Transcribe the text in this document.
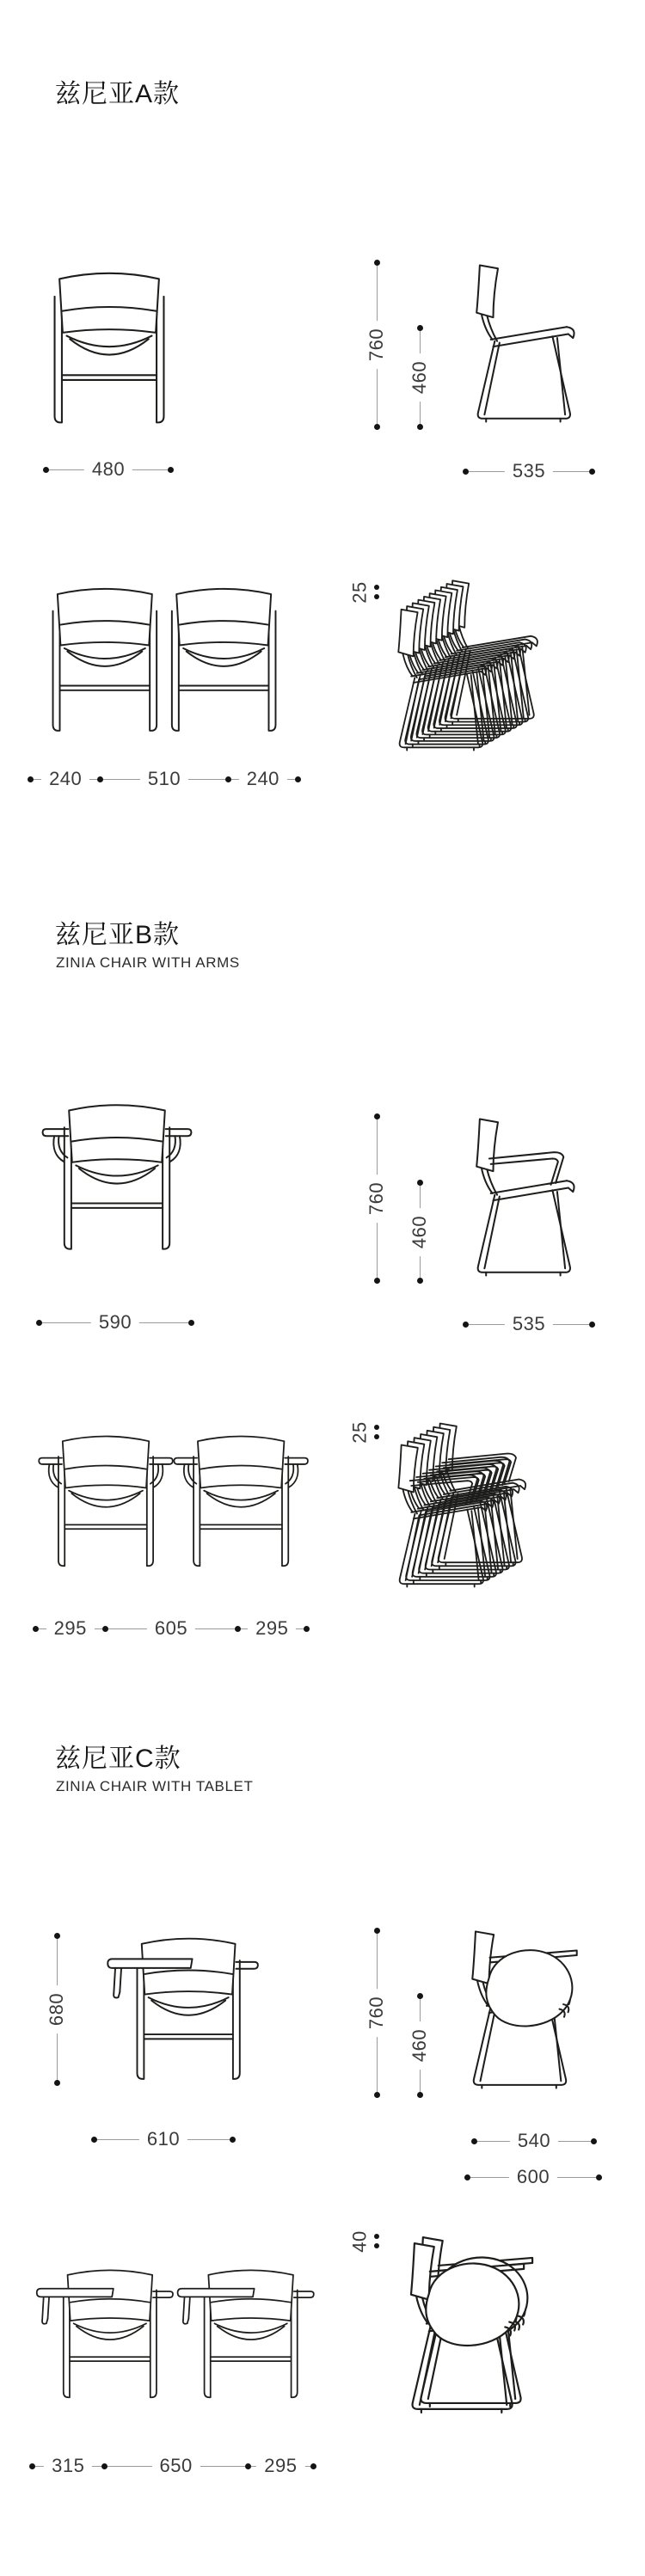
兹尼亚A款
480
760
460
535
240	510	240
25
兹尼亚B款
ZINIA CHAIR WITH ARMS
590
760
460
535
295	605	295
25
兹尼亚C款
ZINIA CHAIR WITH TABLET
680
610
760
460
540
600
315	650	295
40
